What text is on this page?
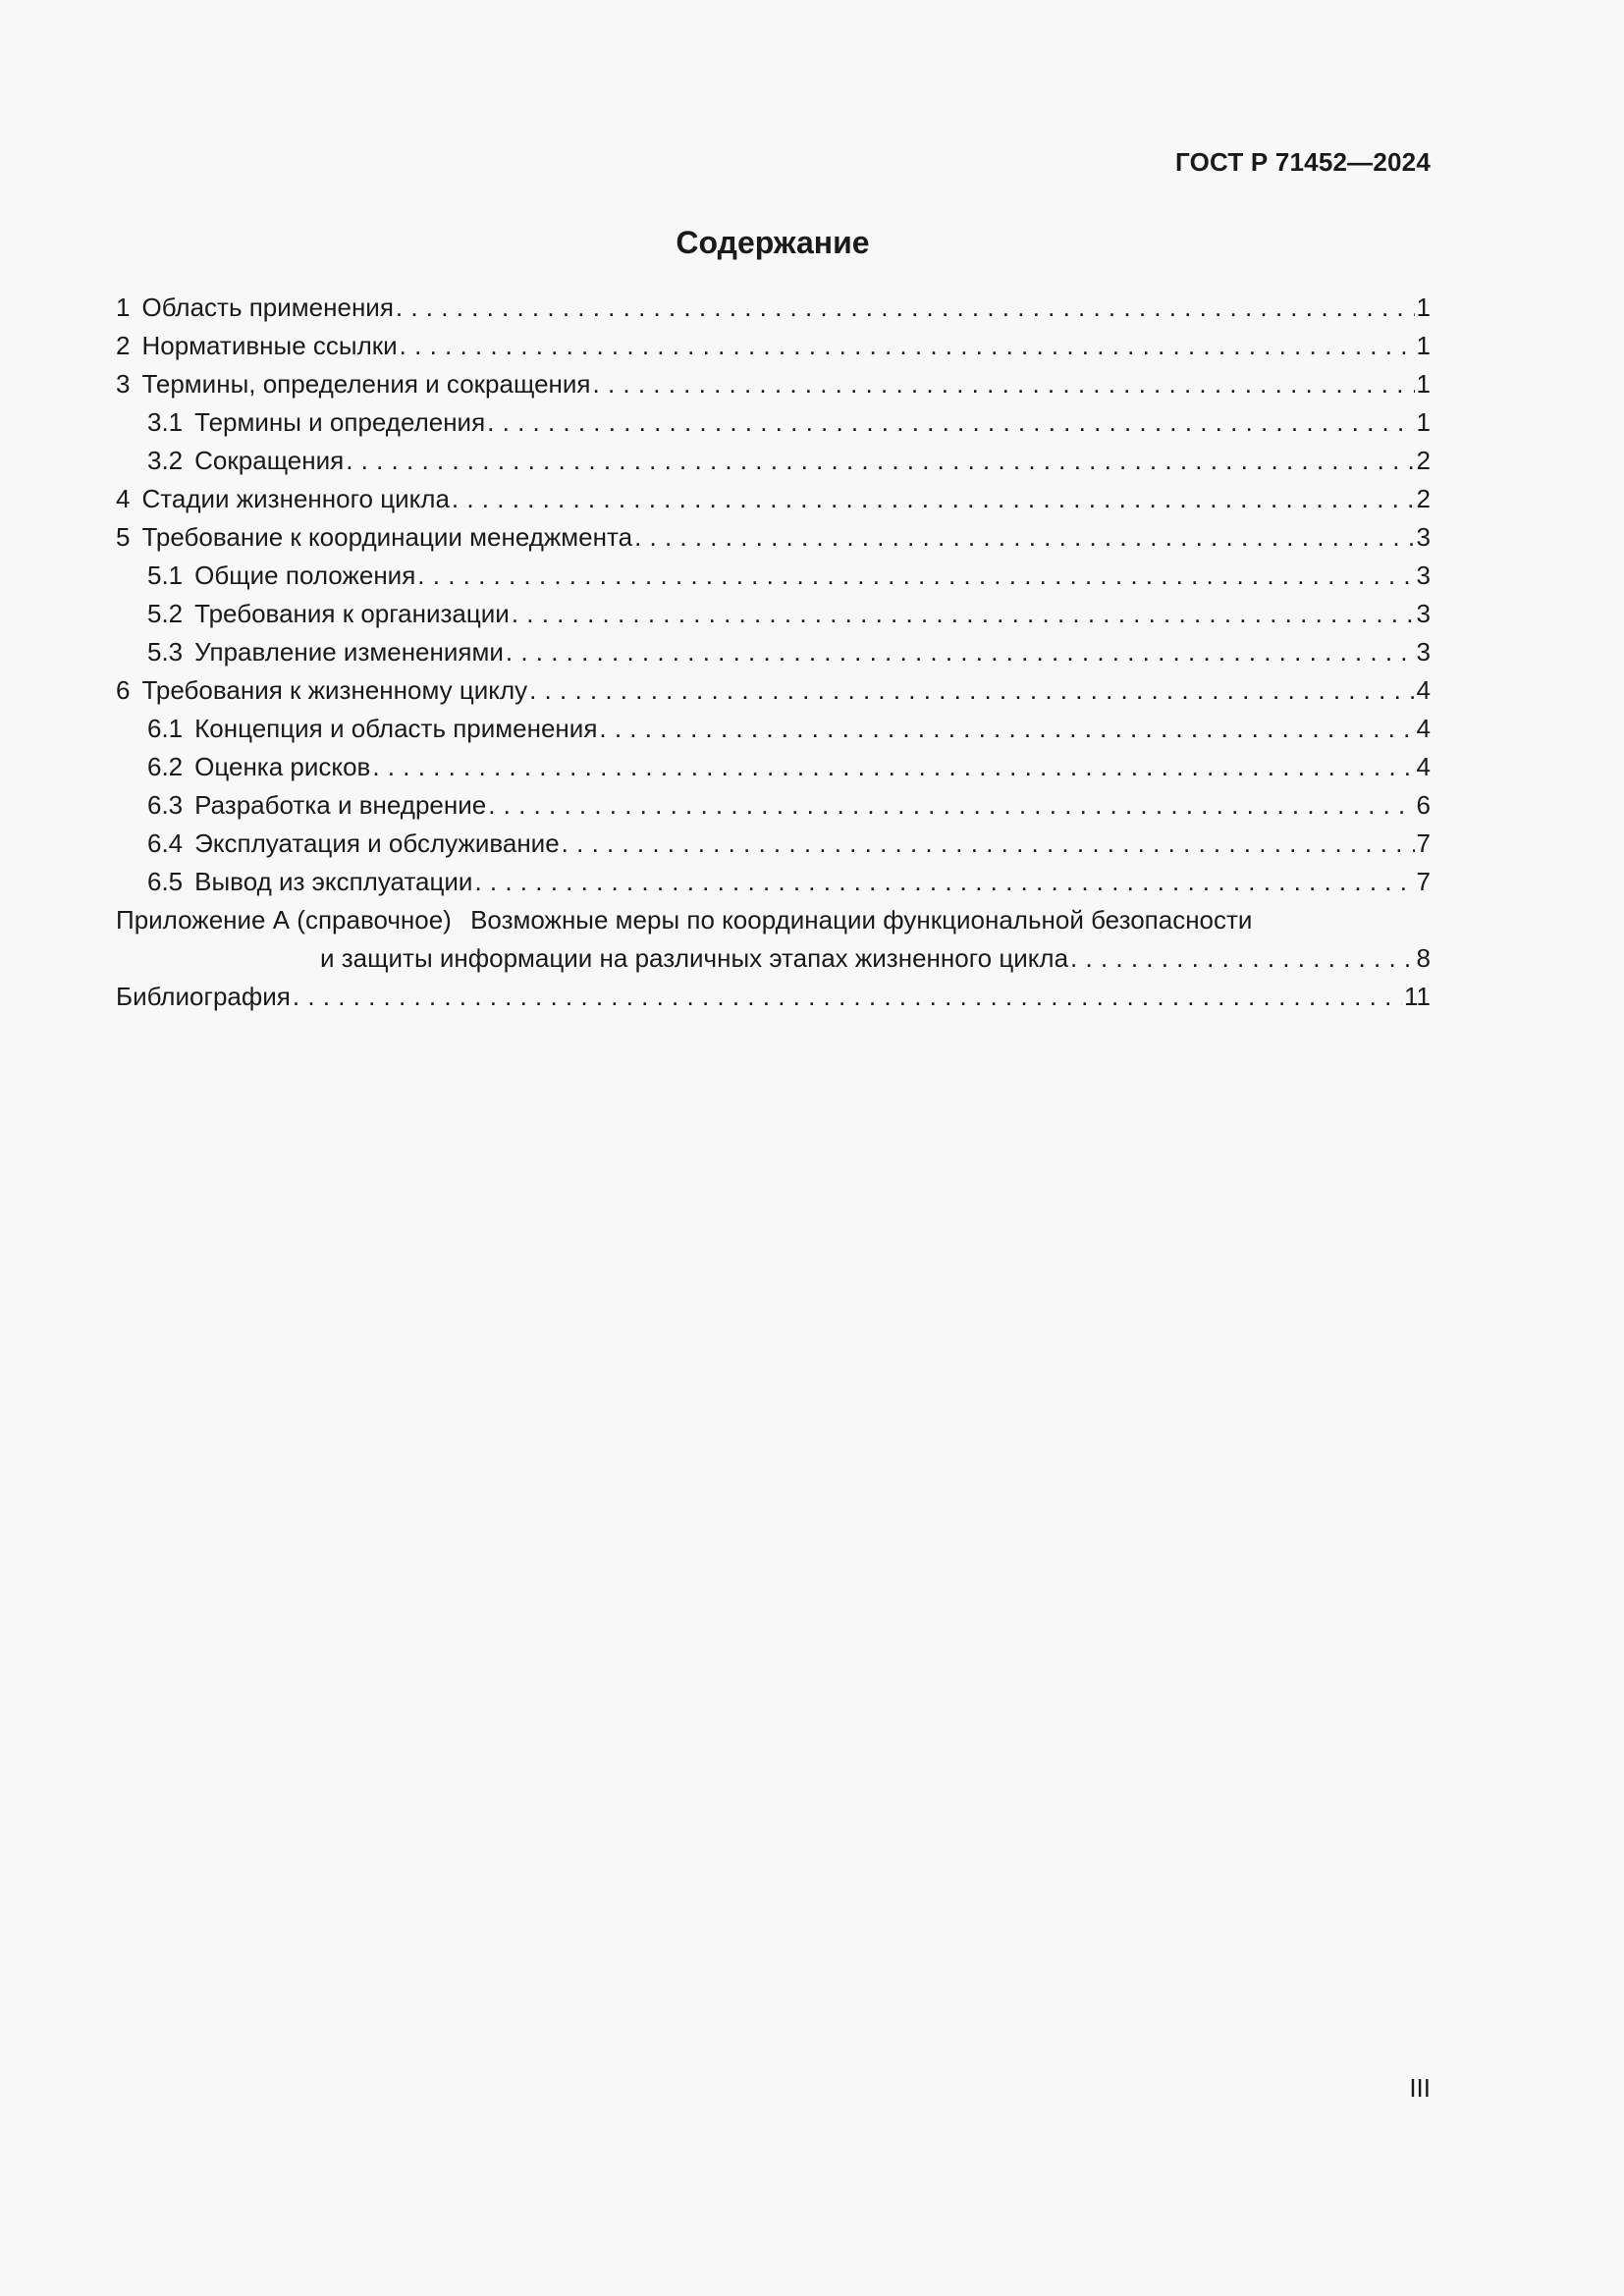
ГОСТ Р 71452—2024
Содержание
1 Область применения . . .	1
2 Нормативные ссылки . . .	1
3 Термины, определения и сокращения . . .	1
3.1 Термины и определения . . .	1
3.2 Сокращения . . .	2
4 Стадии жизненного цикла . . .	2
5 Требование к координации менеджмента . . .	3
5.1 Общие положения . . .	3
5.2 Требования к организации . . .	3
5.3 Управление изменениями . . .	3
6 Требования к жизненному циклу . . .	4
6.1 Концепция и область применения . . .	4
6.2 Оценка рисков . . .	4
6.3 Разработка и внедрение . . .	6
6.4 Эксплуатация и обслуживание . . .	7
6.5 Вывод из эксплуатации . . .	7
Приложение А (справочное) Возможные меры по координации функциональной безопасности
и защиты информации на различных этапах жизненного цикла . . .	8
Библиография . . .	11
III
